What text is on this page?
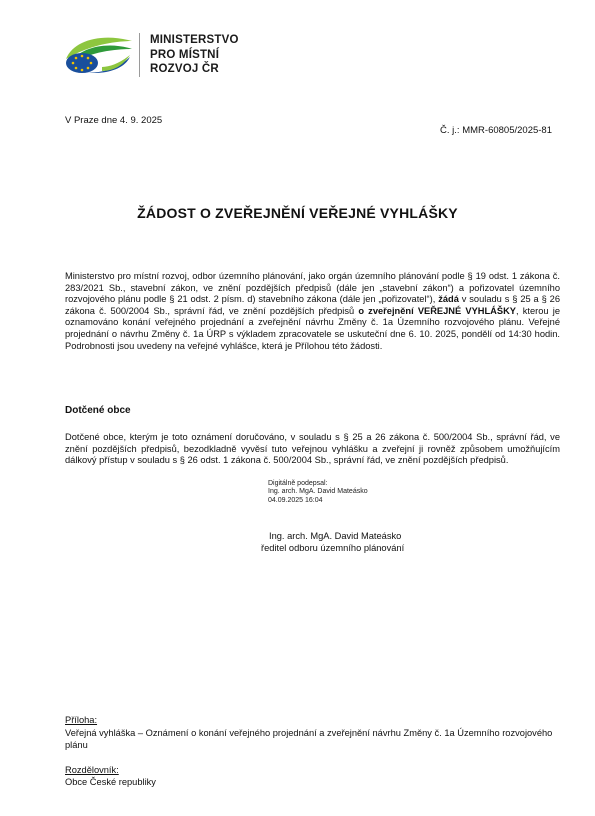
MINISTERSTVO
PRO MÍSTNÍ
ROZVOJ ČR
V Praze dne 4. 9. 2025
Č. j.: MMR-60805/2025-81
ŽÁDOST O ZVEŘEJNĚNÍ VEŘEJNÉ VYHLÁŠKY
Ministerstvo pro místní rozvoj, odbor územního plánování, jako orgán územního plánování podle § 19 odst. 1 zákona č. 283/2021 Sb., stavební zákon, ve znění pozdějších předpisů (dále jen „stavební zákon“) a pořizovatel územního rozvojového plánu podle § 21 odst. 2 písm. d) stavebního zákona (dále jen „pořizovatel“), žádá v souladu s § 25 a § 26 zákona č. 500/2004 Sb., správní řád, ve znění pozdějších předpisů o zveřejnění VEŘEJNÉ VYHLÁŠKY, kterou je oznamováno konání veřejného projednání a zveřejnění návrhu Změny č. 1a Územního rozvojového plánu. Veřejné projednání o návrhu Změny č. 1a ÚRP s výkladem zpracovatele se uskuteční dne 6. 10. 2025, pondělí od 14:30 hodin. Podrobnosti jsou uvedeny na veřejné vyhlášce, která je Přílohou této žádosti.
Dotčené obce
Dotčené obce, kterým je toto oznámení doručováno, v souladu s § 25 a 26 zákona č. 500/2004 Sb., správní řád, ve znění pozdějších předpisů, bezodkladně vyvěsí tuto veřejnou vyhlášku a zveřejní ji rovněž způsobem umožňujícím dálkový přístup v souladu s § 26 odst. 1 zákona č. 500/2004 Sb., správní řád, ve znění pozdějších předpisů.
Digitálně podepsal:
Ing. arch. MgA. David Mateásko
04.09.2025 16:04
Ing. arch. MgA. David Mateásko
ředitel odboru územního plánování
Příloha:
Veřejná vyhláška – Oznámení o konání veřejného projednání a zveřejnění návrhu Změny č. 1a Územního rozvojového plánu
Rozdělovník:
Obce České republiky
